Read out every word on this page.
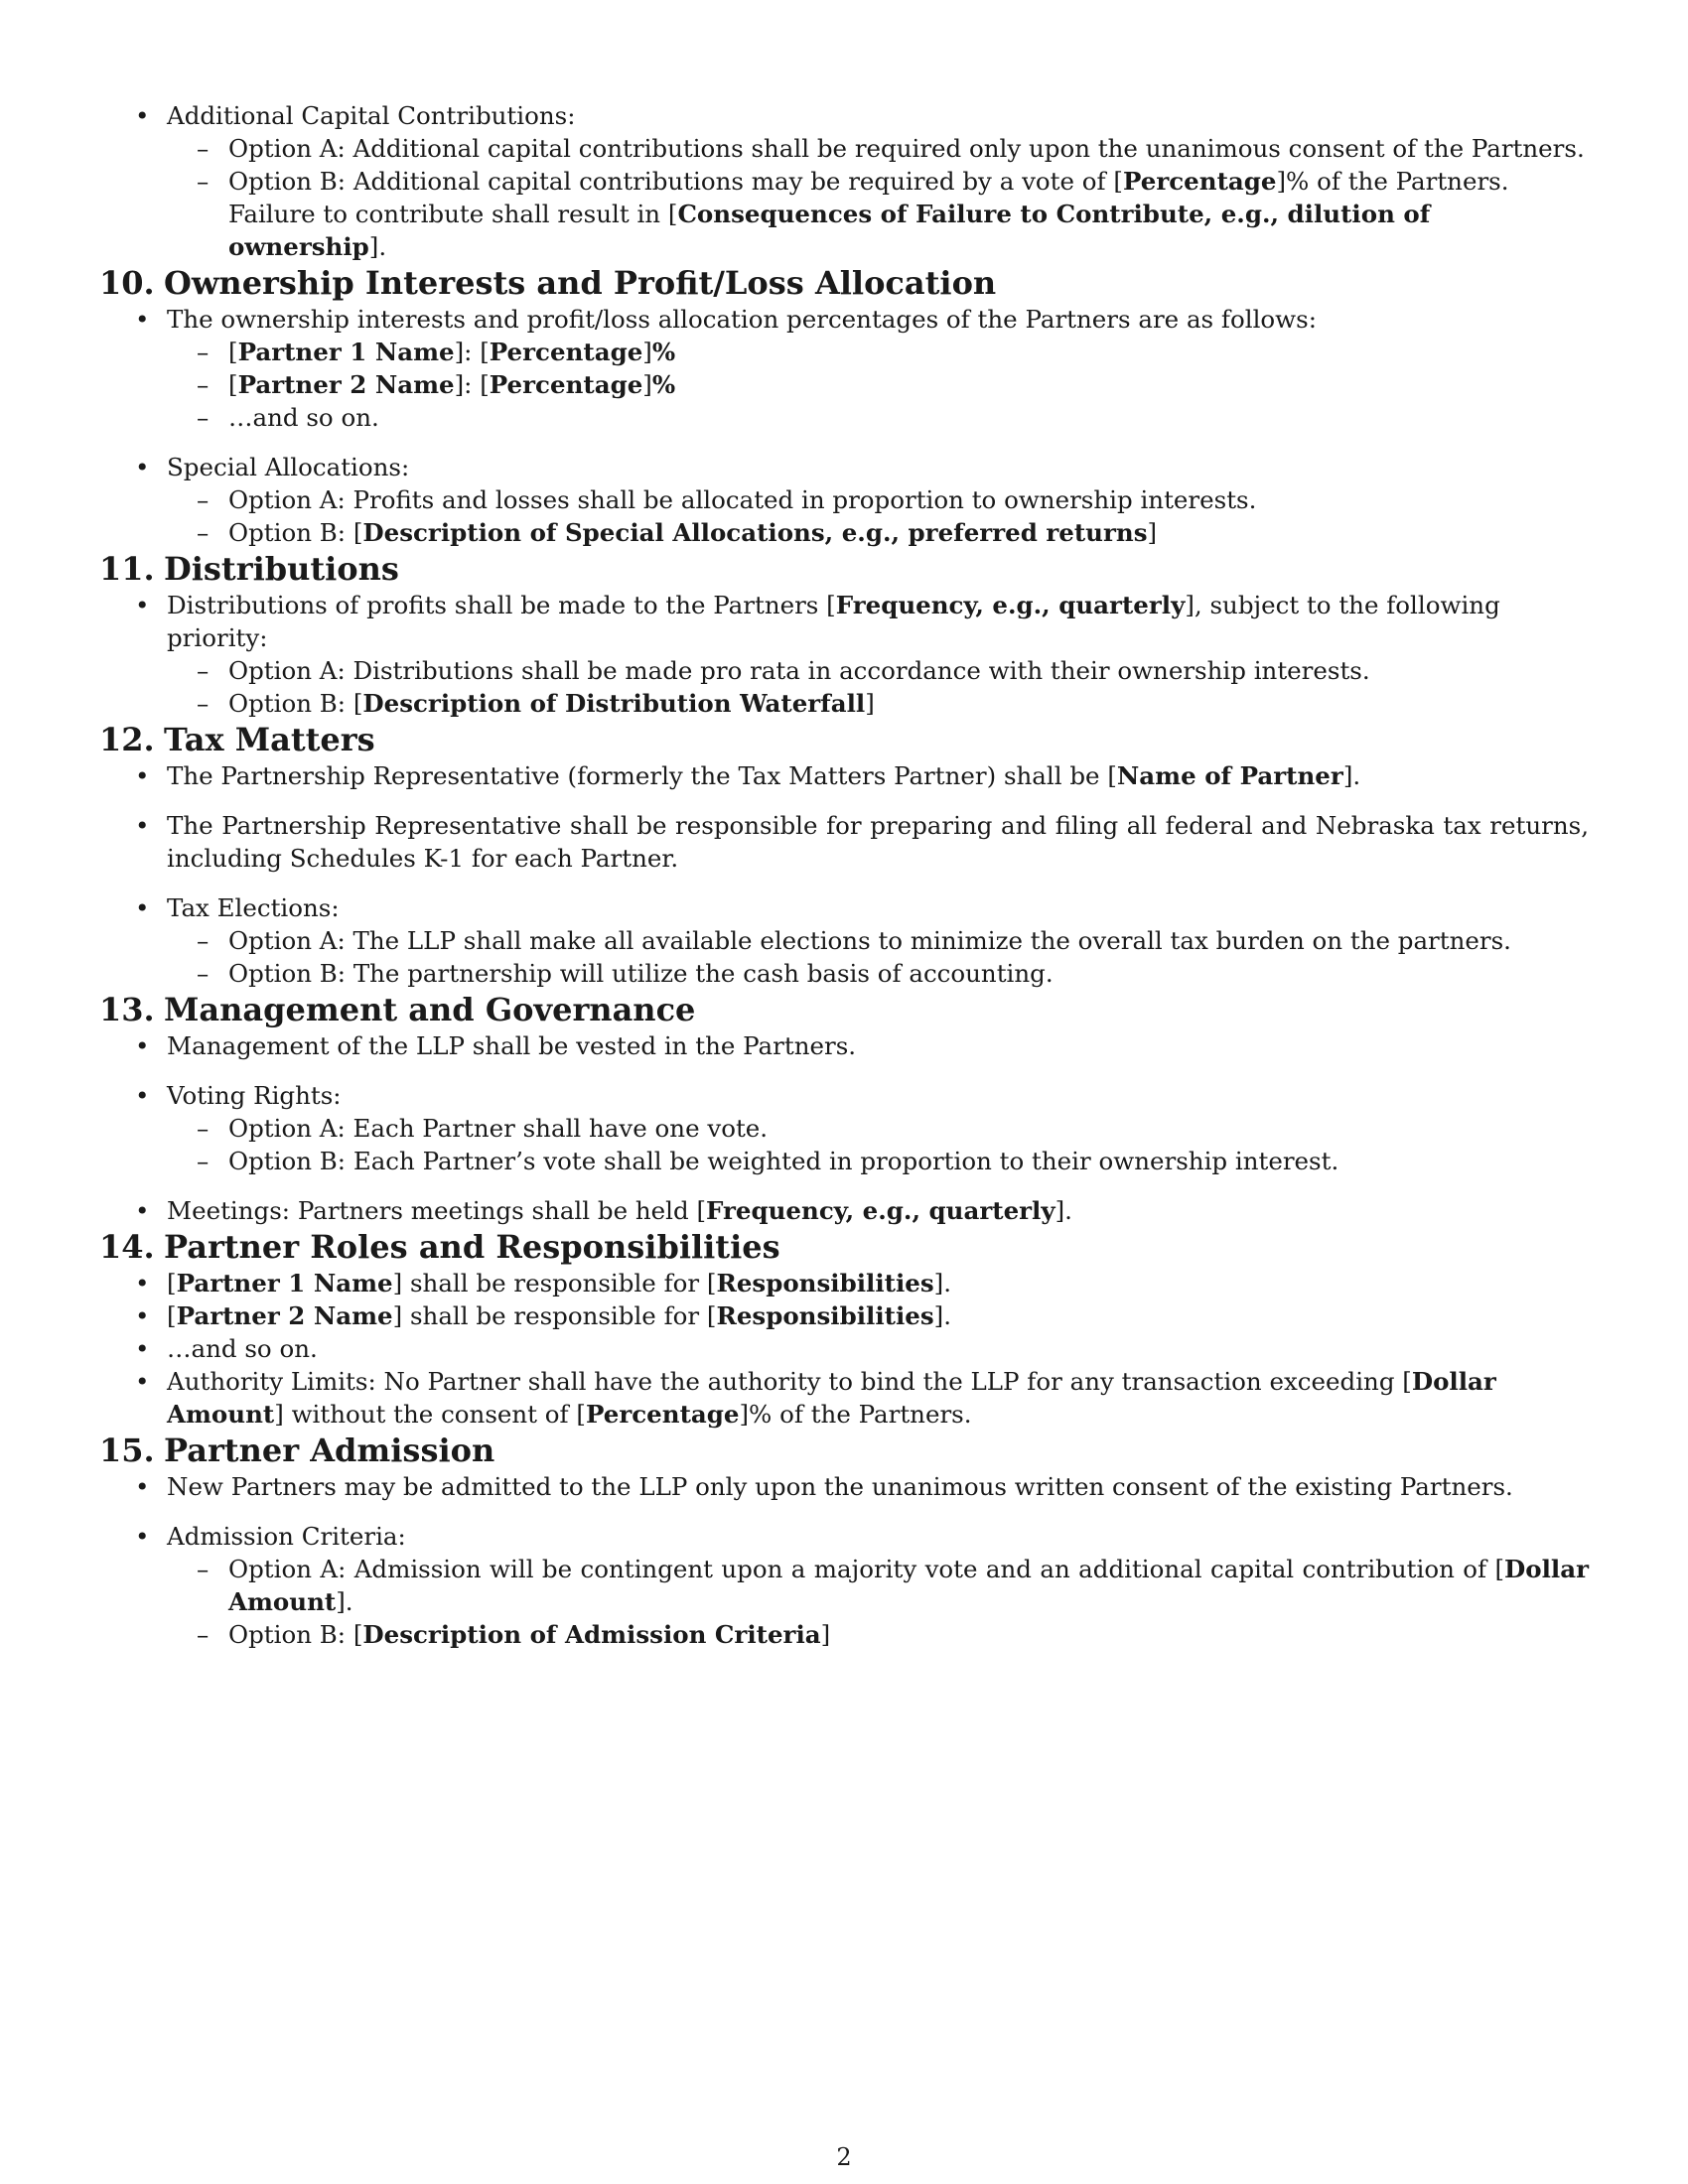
• Additional Capital Contributions:
– Option A: Additional capital contributions shall be required only upon the unanimous consent of the Partners.
– Option B: Additional capital contributions may be required by a vote of [Percentage]% of the Partners. Failure to contribute shall result in [Consequences of Failure to Contribute, e.g., dilution of ownership].
10. Ownership Interests and Profit/Loss Allocation
• The ownership interests and profit/loss allocation percentages of the Partners are as follows:
– [Partner 1 Name]: [Percentage]%
– [Partner 2 Name]: [Percentage]%
– …and so on.
• Special Allocations:
– Option A: Profits and losses shall be allocated in proportion to ownership interests.
– Option B: [Description of Special Allocations, e.g., preferred returns]
11. Distributions
• Distributions of profits shall be made to the Partners [Frequency, e.g., quarterly], subject to the following priority:
– Option A: Distributions shall be made pro rata in accordance with their ownership interests.
– Option B: [Description of Distribution Waterfall]
12. Tax Matters
• The Partnership Representative (formerly the Tax Matters Partner) shall be [Name of Partner].
• The Partnership Representative shall be responsible for preparing and filing all federal and Nebraska tax returns, including Schedules K-1 for each Partner.
• Tax Elections:
– Option A: The LLP shall make all available elections to minimize the overall tax burden on the partners.
– Option B: The partnership will utilize the cash basis of accounting.
13. Management and Governance
• Management of the LLP shall be vested in the Partners.
• Voting Rights:
– Option A: Each Partner shall have one vote.
– Option B: Each Partner’s vote shall be weighted in proportion to their ownership interest.
• Meetings: Partners meetings shall be held [Frequency, e.g., quarterly].
14. Partner Roles and Responsibilities
• [Partner 1 Name] shall be responsible for [Responsibilities].
• [Partner 2 Name] shall be responsible for [Responsibilities].
• …and so on.
• Authority Limits: No Partner shall have the authority to bind the LLP for any transaction exceeding [Dollar Amount] without the consent of [Percentage]% of the Partners.
15. Partner Admission
• New Partners may be admitted to the LLP only upon the unanimous written consent of the existing Partners.
• Admission Criteria:
– Option A: Admission will be contingent upon a majority vote and an additional capital contribution of [Dollar Amount].
– Option B: [Description of Admission Criteria]
2
